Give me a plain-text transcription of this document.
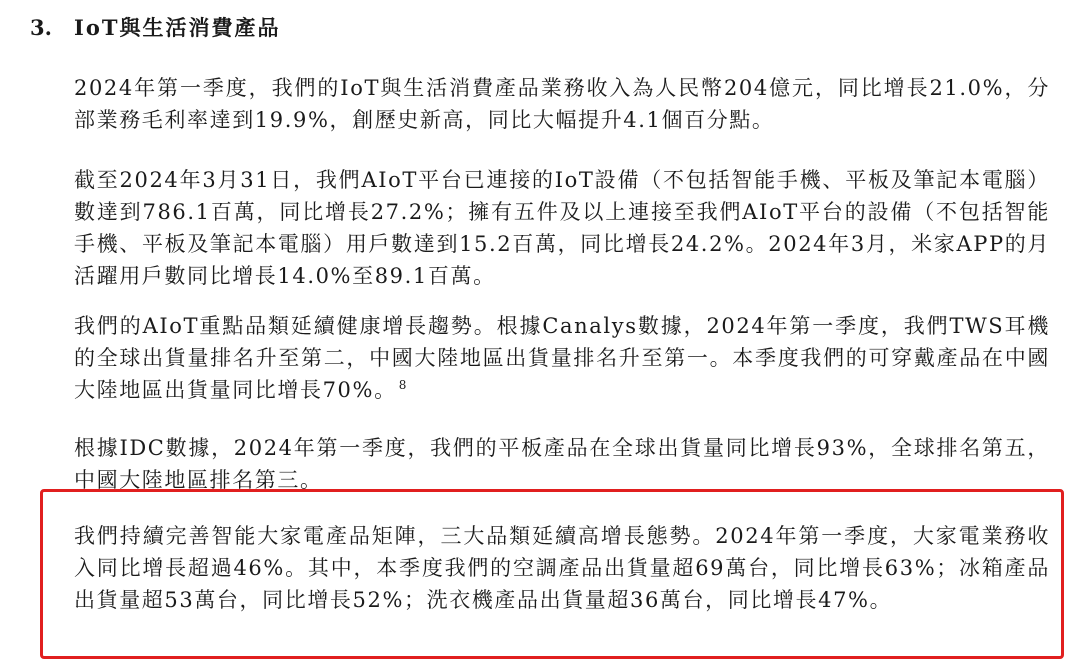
3.	IoT與生活消費產品

2024年第一季度，我們的IoT與生活消費產品業務收入為人民幣204億元，同比增長21.0%，分部業務毛利率達到19.9%，創歷史新高，同比大幅提升4.1個百分點。

截至2024年3月31日，我們AIoT平台已連接的IoT設備（不包括智能手機、平板及筆記本電腦）數達到786.1百萬，同比增長27.2%；擁有五件及以上連接至我們AIoT平台的設備（不包括智能手機、平板及筆記本電腦）用戶數達到15.2百萬，同比增長24.2%。2024年3月，米家APP的月活躍用戶數同比增長14.0%至89.1百萬。

我們的AIoT重點品類延續健康增長趨勢。根據Canalys數據，2024年第一季度，我們TWS耳機的全球出貨量排名升至第二，中國大陸地區出貨量排名升至第一。本季度我們的可穿戴產品在中國大陸地區出貨量同比增長70%。 $^8$

根據IDC數據，2024年第一季度，我們的平板產品在全球出貨量同比增長93%，全球排名第五，中國大陸地區排名第三。

我們持續完善智能大家電產品矩陣，三大品類延續高增長態勢。2024年第一季度，大家電業務收入同比增長超過46%。其中，本季度我們的空調產品出貨量超69萬台，同比增長63%；冰箱產品出貨量超53萬台，同比增長52%；洗衣機產品出貨量超36萬台，同比增長47%。
